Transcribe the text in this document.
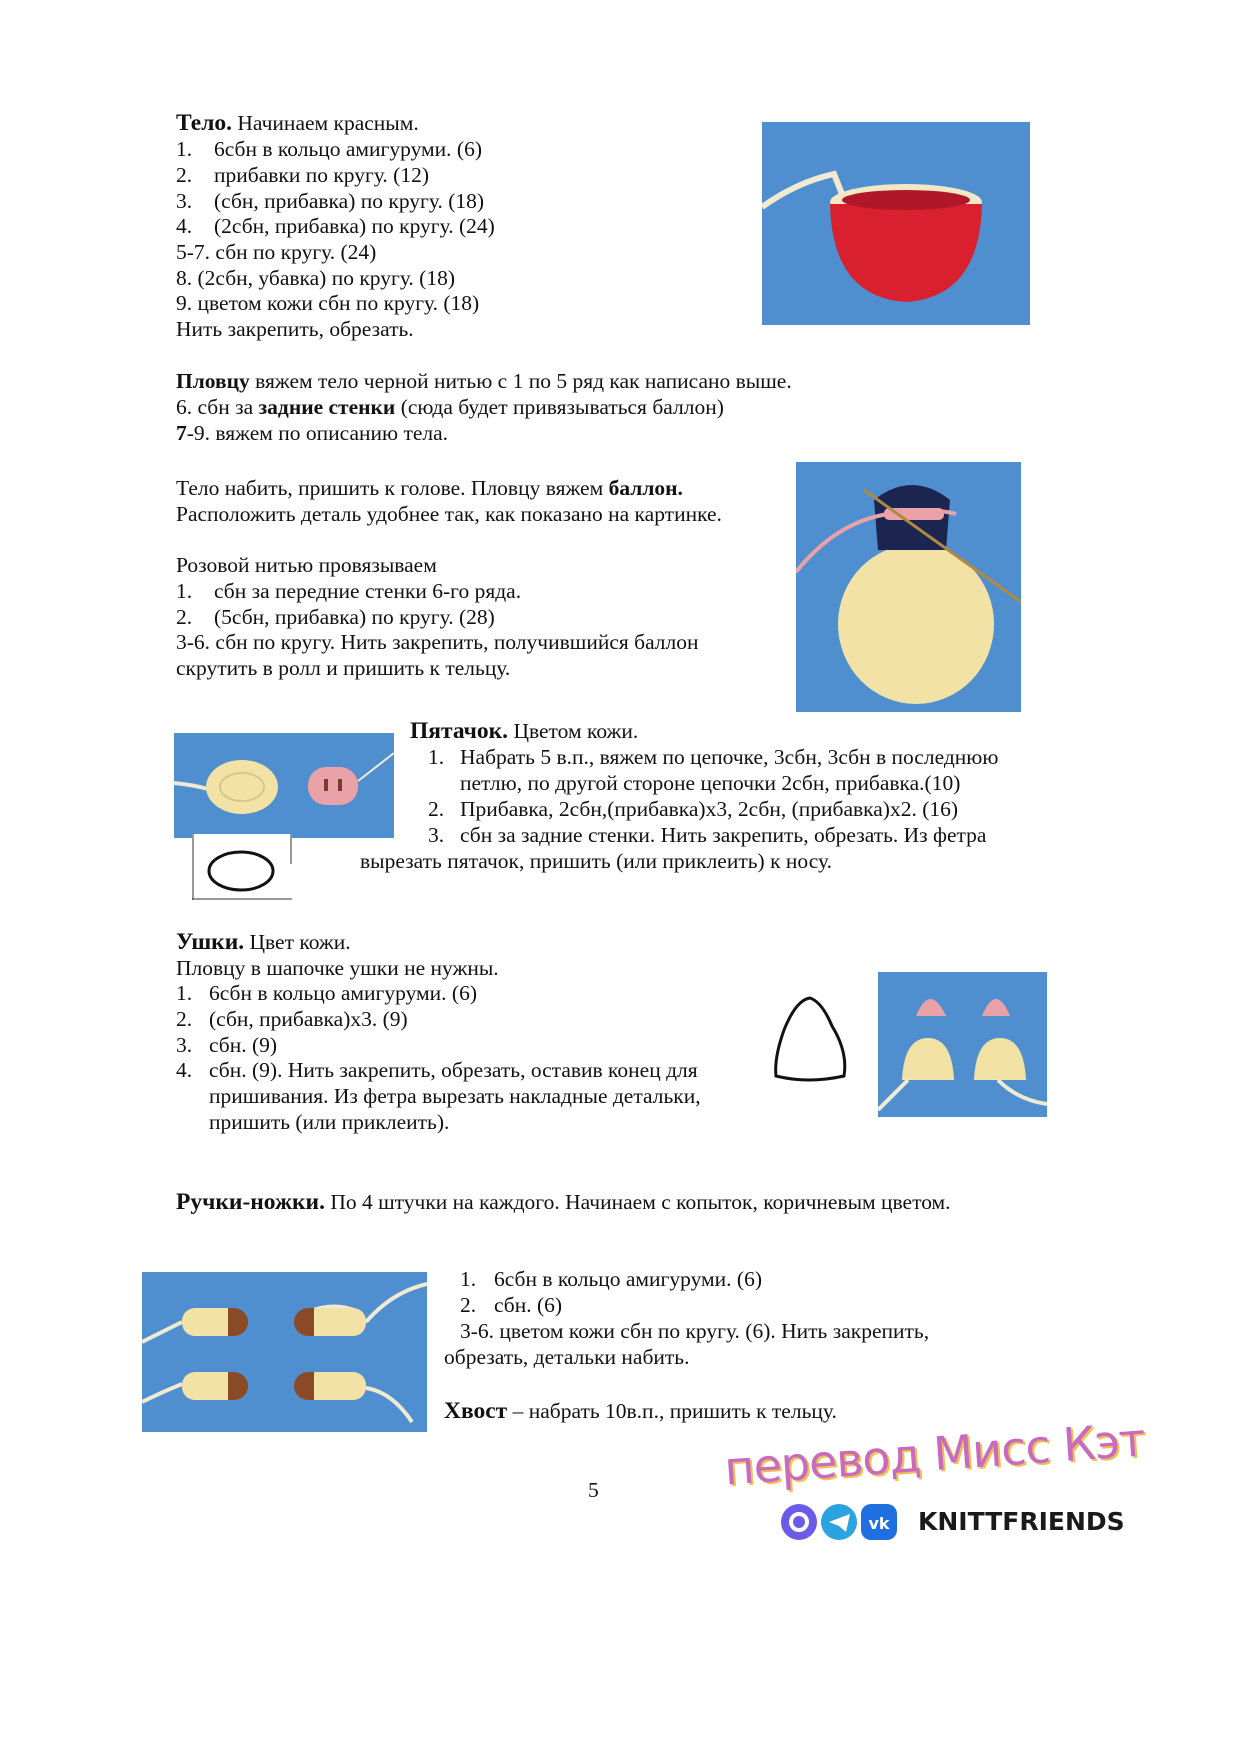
Тело. Начинаем красным.
1. 6сбн в кольцо амигуруми. (6)
2. прибавки по кругу. (12)
3. (сбн, прибавка) по кругу. (18)
4. (2сбн, прибавка) по кругу. (24)
5-7. сбн по кругу. (24)
8. (2сбн, убавка) по кругу. (18)
9. цветом кожи сбн по кругу. (18)
Нить закрепить, обрезать.
Пловцу вяжем тело черной нитью с 1 по 5 ряд как написано выше.
6. сбн за задние стенки (сюда будет привязываться баллон)
7-9. вяжем по описанию тела.
Тело набить, пришить к голове. Пловцу вяжем баллон.
Расположить деталь удобнее так, как показано на картинке.
Розовой нитью провязываем
1. сбн за передние стенки 6-го ряда.
2. (5сбн, прибавка) по кругу. (28)
3-6. сбн по кругу. Нить закрепить, получившийся баллон
скрутить в ролл и пришить к тельцу.
Пятачок. Цветом кожи.
1. Набрать 5 в.п., вяжем по цепочке, 3сбн, 3сбн в последнюю
петлю, по другой стороне цепочки 2сбн, прибавка.(10)
2. Прибавка, 2сбн,(прибавка)х3, 2сбн, (прибавка)х2. (16)
3. сбн за задние стенки. Нить закрепить, обрезать. Из фетра
вырезать пятачок, пришить (или приклеить) к носу.
Ушки. Цвет кожи.
Пловцу в шапочке ушки не нужны.
1. 6сбн в кольцо амигуруми. (6)
2. (сбн, прибавка)х3. (9)
3. сбн. (9)
4. сбн. (9). Нить закрепить, обрезать, оставив конец для
пришивания. Из фетра вырезать накладные детальки,
пришить (или приклеить).
Ручки-ножки. По 4 штучки на каждого. Начинаем с копыток, коричневым цветом.
1. 6сбн в кольцо амигуруми. (6)
2. сбн. (6)
3-6. цветом кожи сбн по кругу. (6). Нить закрепить,
обрезать, детальки набить.
Хвост – набрать 10в.п., пришить к тельцу.
5	перевод Мисс Кэт
vk KNITTFRIENDS
